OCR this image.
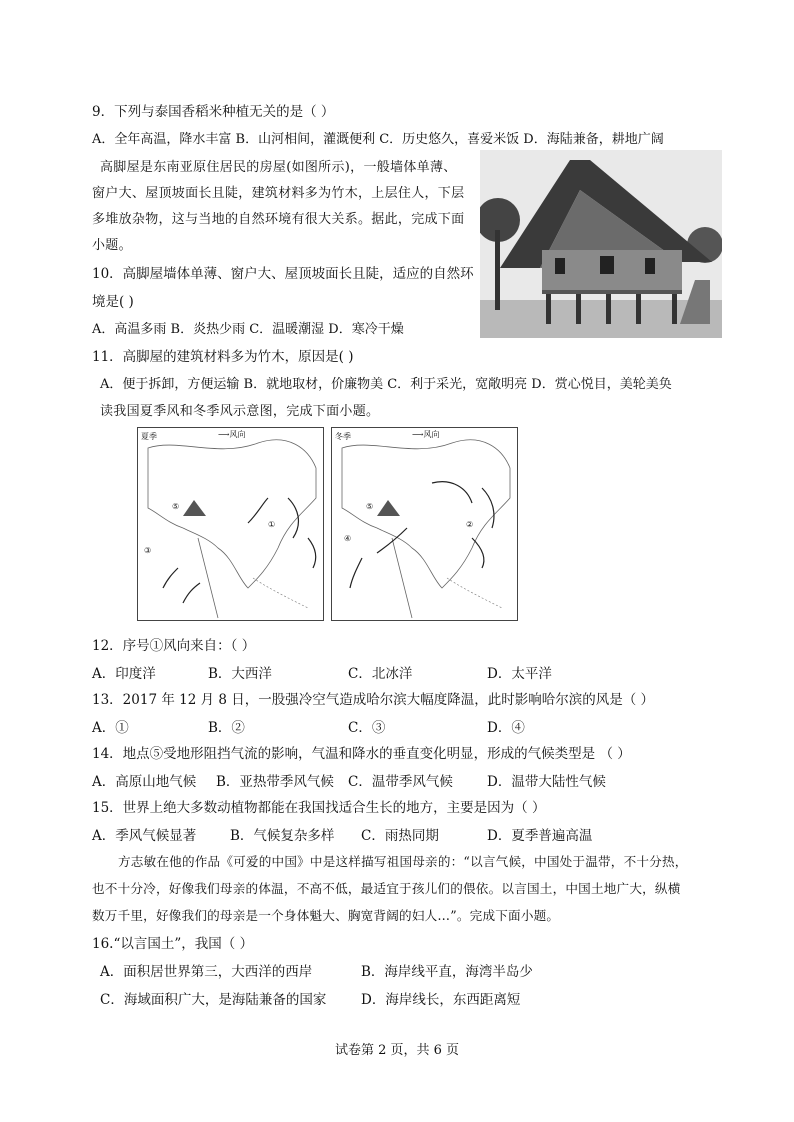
9．下列与泰国香稻米种植无关的是（ ）
A．全年高温，降水丰富 B．山河相间，灌溉便利 C．历史悠久，喜爱米饭 D．海陆兼备，耕地广阔
高脚屋是东南亚原住居民的房屋(如图所示)，一般墙体单薄、
窗户大、屋顶坡面长且陡，建筑材料多为竹木，上层住人，下层
多堆放杂物，这与当地的自然环境有很大关系。据此，完成下面
小题。
10．高脚屋墙体单薄、窗户大、屋顶坡面长且陡，适应的自然环
境是( )
A．高温多雨 B．炎热少雨 C．温暖潮湿 D．寒冷干燥
11．高脚屋的建筑材料多为竹木，原因是( )
A．便于拆卸，方便运输 B．就地取材，价廉物美 C．利于采光，宽敞明亮 D．赏心悦目，美轮美奂
读我国夏季风和冬季风示意图，完成下面小题。
夏季	⟶风向
⑤
①
③
冬季	⟶风向
⑤
②
④
12．序号①风向来自：（ ）
A．印度洋	B．大西洋	C．北冰洋	D．太平洋
13．2017 年 12 月 8 日，一股强冷空气造成哈尔滨大幅度降温，此时影响哈尔滨的风是（ ）
A．①	B．②	C．③	D．④
14．地点⑤受地形阻挡气流的影响，气温和降水的垂直变化明显，形成的气候类型是 （ ）
A．高原山地气候 B．亚热带季风气候 C．温带季风气候	D．温带大陆性气候
15．世界上绝大多数动植物都能在我国找适合生长的地方，主要是因为（ ）
A．季风气候显著	B．气候复杂多样 C．雨热同期	D．夏季普遍高温
方志敏在他的作品《可爱的中国》中是这样描写祖国母亲的：“以言气候，中国处于温带，不十分热，
也不十分冷，好像我们母亲的体温，不高不低，最适宜于孩儿们的偎依。以言国土，中国土地广大，纵横
数万千里，好像我们的母亲是一个身体魁大、胸宽背阔的妇人…”。完成下面小题。
16.“以言国土”，我国（ ）
A．面积居世界第三，大西洋的西岸	B．海岸线平直，海湾半岛少
C．海域面积广大，是海陆兼备的国家	D．海岸线长，东西距离短
试卷第 2 页，共 6 页
